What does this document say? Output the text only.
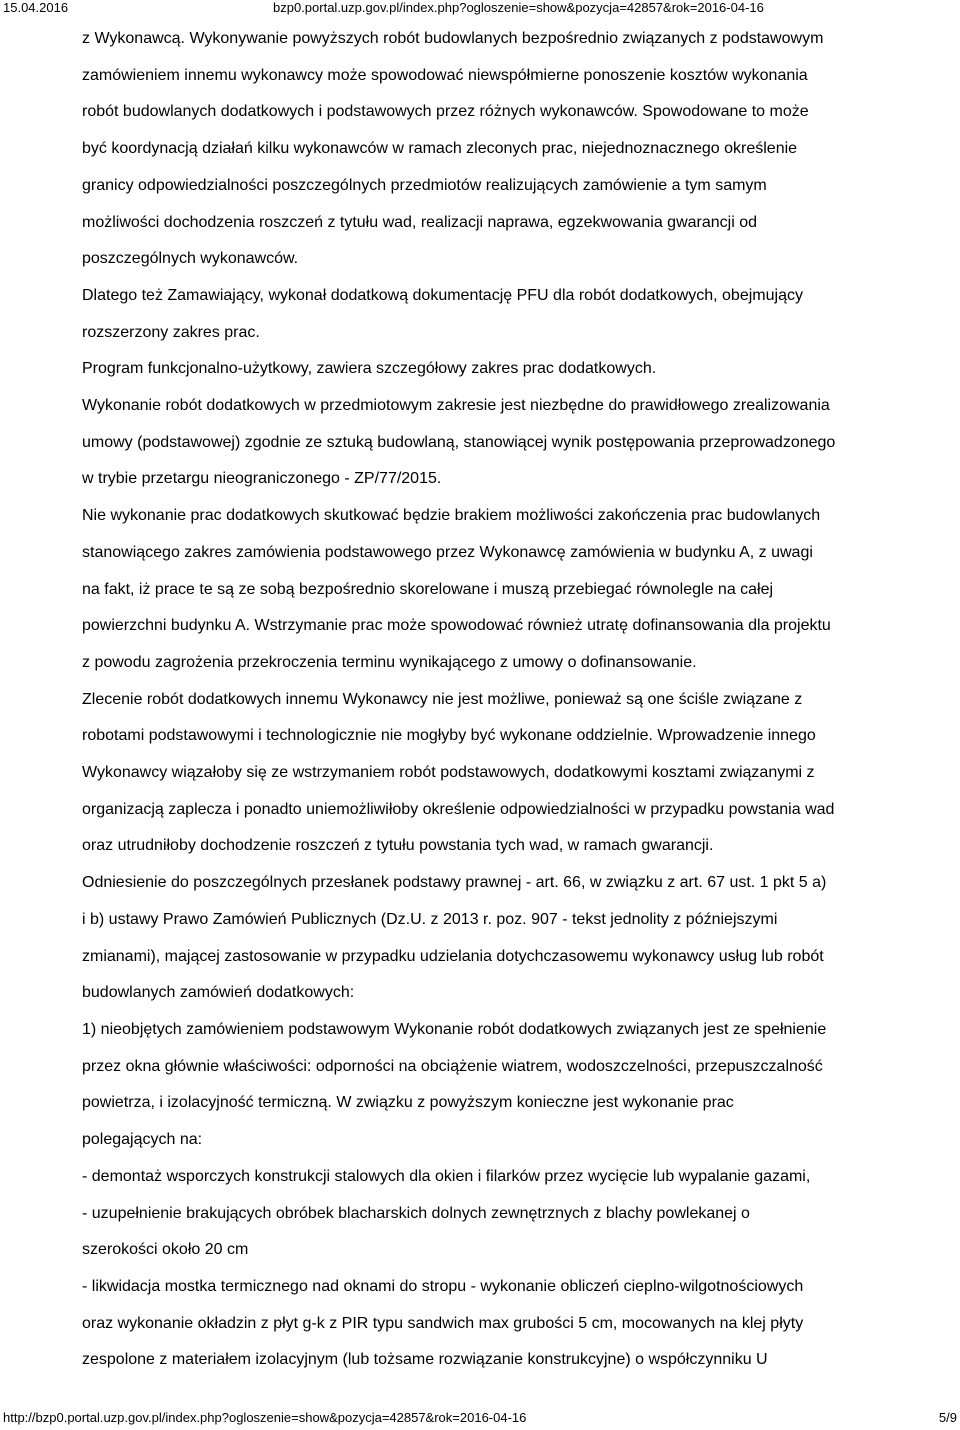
15.04.2016	bzp0.portal.uzp.gov.pl/index.php?ogloszenie=show&pozycja=42857&rok=2016-04-16

z Wykonawcą. Wykonywanie powyższych robót budowlanych bezpośrednio związanych z podstawowym
zamówieniem innemu wykonawcy może spowodować niewspółmierne ponoszenie kosztów wykonania
robót budowlanych dodatkowych i podstawowych przez różnych wykonawców. Spowodowane to może
być koordynacją działań kilku wykonawców w ramach zleconych prac, niejednoznacznego określenie
granicy odpowiedzialności poszczególnych przedmiotów realizujących zamówienie a tym samym
możliwości dochodzenia roszczeń z tytułu wad, realizacji naprawa, egzekwowania gwarancji od
poszczególnych wykonawców.

Dlatego też Zamawiający, wykonał dodatkową dokumentację PFU dla robót dodatkowych, obejmujący
rozszerzony zakres prac.

Program funkcjonalno-użytkowy, zawiera szczegółowy zakres prac dodatkowych.

Wykonanie robót dodatkowych w przedmiotowym zakresie jest niezbędne do prawidłowego zrealizowania
umowy (podstawowej) zgodnie ze sztuką budowlaną, stanowiącej wynik postępowania przeprowadzonego
w trybie przetargu nieograniczonego - ZP/77/2015.

Nie wykonanie prac dodatkowych skutkować będzie brakiem możliwości zakończenia prac budowlanych
stanowiącego zakres zamówienia podstawowego przez Wykonawcę zamówienia w budynku A, z uwagi
na fakt, iż prace te są ze sobą bezpośrednio skorelowane i muszą przebiegać równolegle na całej
powierzchni budynku A. Wstrzymanie prac może spowodować również utratę dofinansowania dla projektu
z powodu zagrożenia przekroczenia terminu wynikającego z umowy o dofinansowanie.

Zlecenie robót dodatkowych innemu Wykonawcy nie jest możliwe, ponieważ są one ściśle związane z
robotami podstawowymi i technologicznie nie mogłyby być wykonane oddzielnie. Wprowadzenie innego
Wykonawcy wiązałoby się ze wstrzymaniem robót podstawowych, dodatkowymi kosztami związanymi z
organizacją zaplecza i ponadto uniemożliwiłoby określenie odpowiedzialności w przypadku powstania wad
oraz utrudniłoby dochodzenie roszczeń z tytułu powstania tych wad, w ramach gwarancji.

Odniesienie do poszczególnych przesłanek podstawy prawnej - art. 66, w związku z art. 67 ust. 1 pkt 5 a)
i b) ustawy Prawo Zamówień Publicznych (Dz.U. z 2013 r. poz. 907 - tekst jednolity z późniejszymi
zmianami), mającej zastosowanie w przypadku udzielania dotychczasowemu wykonawcy usług lub robót
budowlanych zamówień dodatkowych:

1) nieobjętych zamówieniem podstawowym Wykonanie robót dodatkowych związanych jest ze spełnienie
przez okna głównie właściwości: odporności na obciążenie wiatrem, wodoszczelności, przepuszczalność
powietrza, i izolacyjność termiczną. W związku z powyższym konieczne jest wykonanie prac
polegających na:

- demontaż wsporczych konstrukcji stalowych dla okien i filarków przez wycięcie lub wypalanie gazami,

- uzupełnienie brakujących obróbek blacharskich dolnych zewnętrznych z blachy powlekanej o
szerokości około 20 cm

- likwidacja mostka termicznego nad oknami do stropu - wykonanie obliczeń cieplno-wilgotnościowych
oraz wykonanie okładzin z płyt g-k z PIR typu sandwich max grubości 5 cm, mocowanych na klej płyty
zespolone z materiałem izolacyjnym (lub tożsame rozwiązanie konstrukcyjne) o współczynniku U

http://bzp0.portal.uzp.gov.pl/index.php?ogloszenie=show&pozycja=42857&rok=2016-04-16	5/9
